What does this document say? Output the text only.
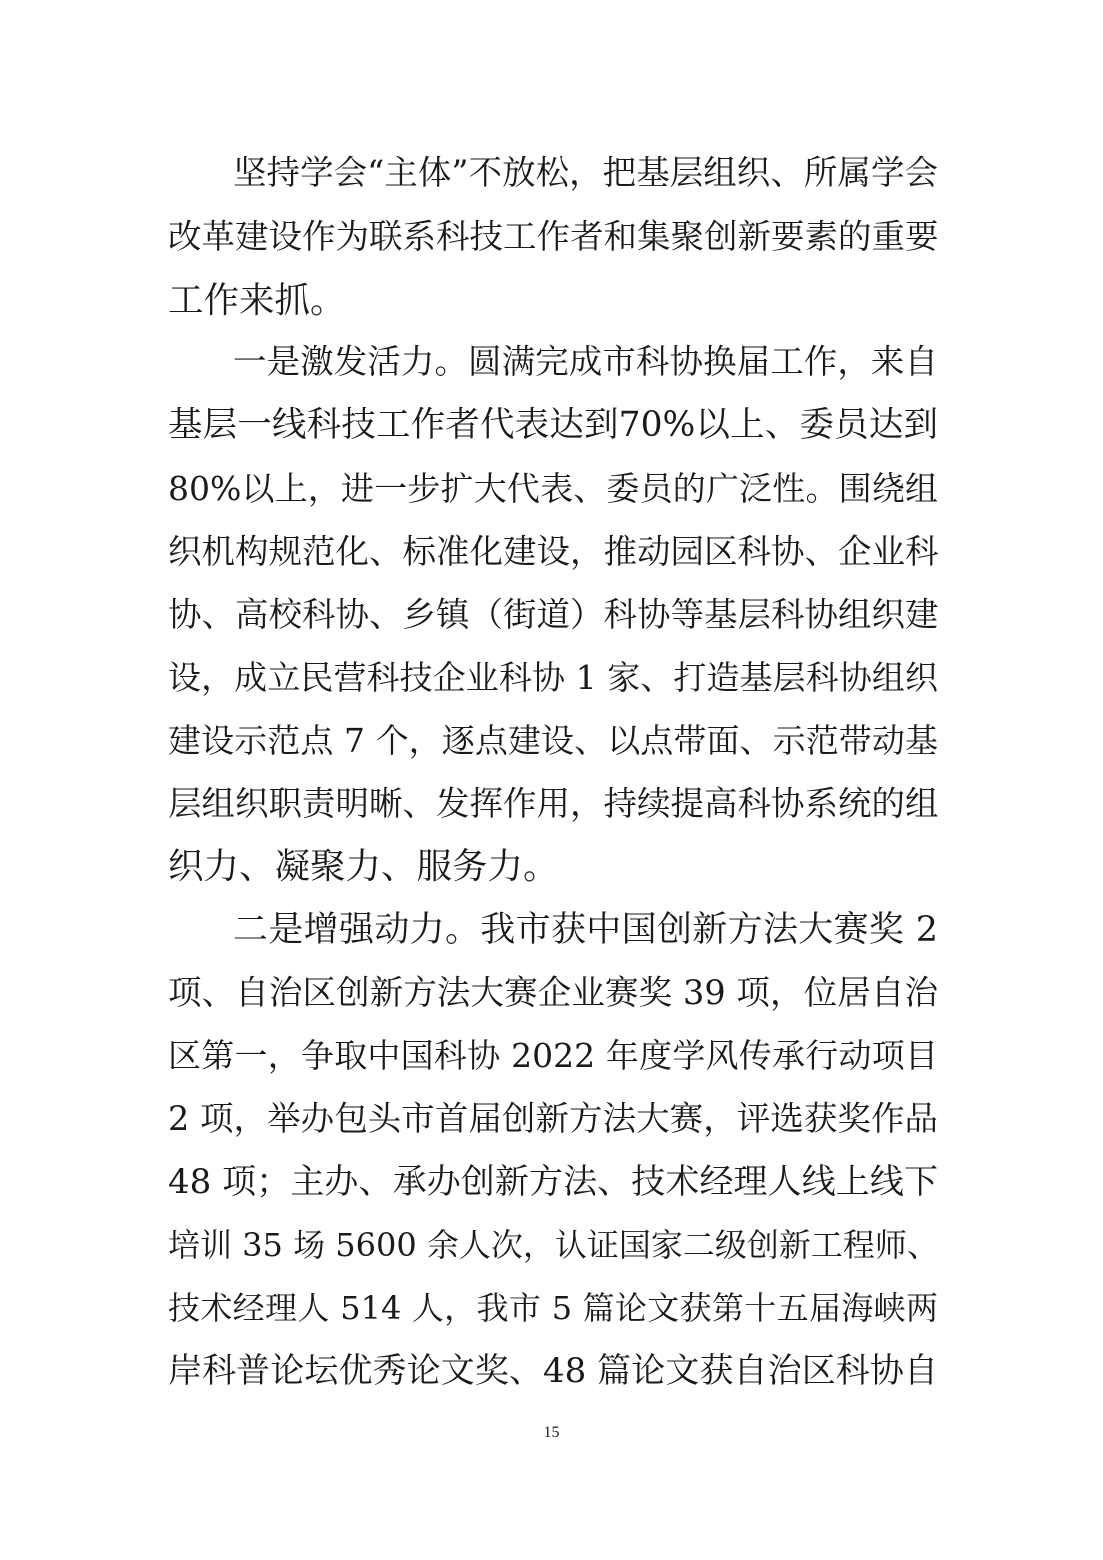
坚持学会“主体”不放松，把基层组织、所属学会
改革建设作为联系科技工作者和集聚创新要素的重要
工作来抓。
一是激发活力。圆满完成市科协换届工作，来自
基层一线科技工作者代表达到70%以上、委员达到
80%以上，进一步扩大代表、委员的广泛性。围绕组
织机构规范化、标准化建设，推动园区科协、企业科
协、高校科协、乡镇（街道）科协等基层科协组织建
设，成立民营科技企业科协 1 家、打造基层科协组织
建设示范点 7 个，逐点建设、以点带面、示范带动基
层组织职责明晰、发挥作用，持续提高科协系统的组
织力、凝聚力、服务力。
二是增强动力。我市获中国创新方法大赛奖 2
项、自治区创新方法大赛企业赛奖 39 项，位居自治
区第一，争取中国科协 2022 年度学风传承行动项目
2 项，举办包头市首届创新方法大赛，评选获奖作品
48 项；主办、承办创新方法、技术经理人线上线下
培训 35 场 5600 余人次，认证国家二级创新工程师、
技术经理人 514 人，我市 5 篇论文获第十五届海峡两
岸科普论坛优秀论文奖、48 篇论文获自治区科协自
15
